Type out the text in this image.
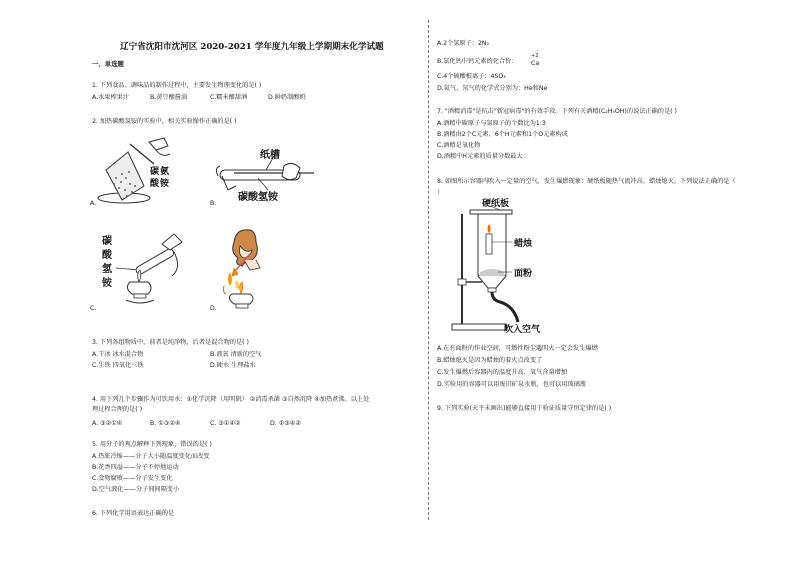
辽宁省沈阳市沈河区 2020-2021 学年度九年级上学期期末化学试题
一、单选题
1. 下列食品、调味品的制作过程中，主要发生物理变化的是( )
A.水果榨果汁	B.黄豆酿酱油	C.糯米酿甜酒	D.鲜奶制酸奶
2. 加热碳酸氢铵的实验中，相关实验操作正确的是( )
碳 氨
酸 铵
A.
纸槽
碳酸氢铵
B.
碳
酸
氢
铵
C.	D.
3. 下列各组物质中，前者是纯净物，后者是混合物的是( )
A.干冰 冰水混合物	B.液氧 清新的空气
C.生铁 四氧化三铁	D.硬水 生理盐水
4. 用下列几个步骤作为可饮用水：①化学沉降（用明矾） ②消毒杀菌 ③自然沉降 ④加热煮沸。以上处
理过程合理的是( )
A. ③②①④	B. ①③②④	C. ③①④②	D. ①③④②
5. 用分子的观点解释下列现象，错误的是( )
A.热胀冷缩——分子大小随温度变化而改变
B.花香四溢——分子不停地运动
C.食物腐败——分子发生变化
D.空气液化——分子间间隔变小
6. 下列化学用语表达正确的是
A.2个氢原子：2N₂
B.氯化钙中钙元素的化合价：
+2
Ca
C.4个硫酸根离子：4SO₄
D.氦气、氖气的化学式分别为：He和Ne
7. "酒精消毒"是抗击"新冠病毒"的有效手段。下列有关酒精(C₂H₅OH)的说法正确的是( )
A.酒精中碳原子与氢原子的个数比为1:3
B.酒精由2个C元素、6个H元素和1个O元素构成
C.酒精是氧化物
D.酒精中H元素的质量分数最大
8. 如图所示容器内吹入一定量的空气，发生爆燃现象：硬纸板随热气流冲高，蜡烛熄灭。下列说法正确的是（
）
硬纸板
蜡烛
面粉
吹入空气
A.在有面粉的作业空间，可燃性粉尘遇明火一定会发生爆燃
B.蜡烛熄灭是因为蜡烛的着火点改变了
C.发生爆燃后容器内的温度升高，氧气含量增加
D.实验用的容器可以用废旧矿泉水瓶，也可以用玻璃瓶
9. 下列实验(天平未画出)能够直接用于验证质量守恒定律的是( )
